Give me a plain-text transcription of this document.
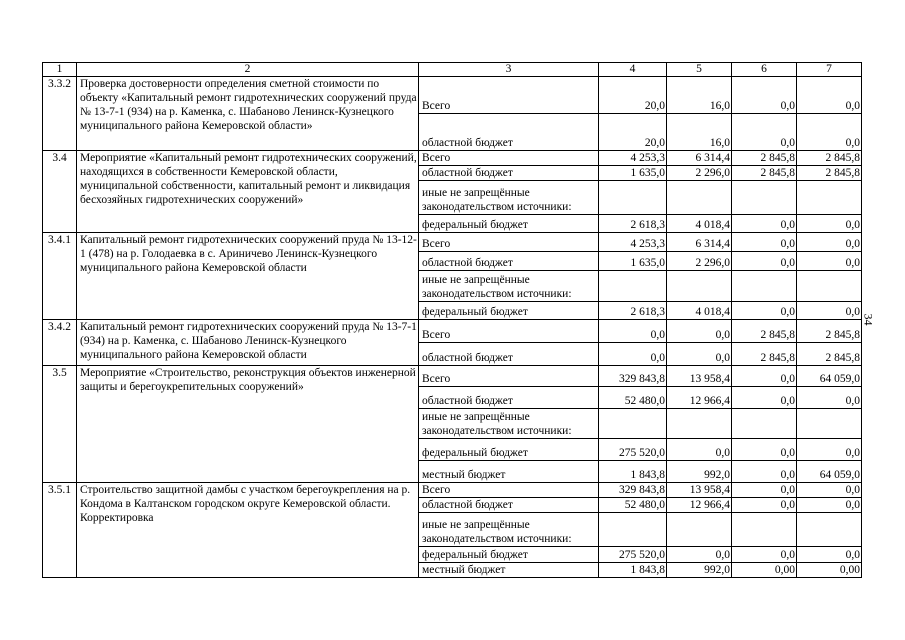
1	2	3	4	5	6	7
3.3.2	Проверка достоверности определения сметной стоимости по объекту «Капитальный ремонт гидротехнических сооружений пруда № 13-7-1 (934) на р. Каменка, с. Шабаново Ленинск-Кузнецкого муниципального района Кемеровской области»	Всего	20,0	16,0	0,0	0,0
		областной бюджет	20,0	16,0	0,0	0,0
3.4	Мероприятие «Капитальный ремонт гидротехнических сооружений, находящихся в собственности Кемеровской области, муниципальной собственности, капитальный ремонт и ликвидация бесхозяйных гидротехнических сооружений»	Всего	4 253,3	6 314,4	2 845,8	2 845,8
		областной бюджет	1 635,0	2 296,0	2 845,8	2 845,8
		иные не запрещённые законодательством источники:				
		федеральный бюджет	2 618,3	4 018,4	0,0	0,0
3.4.1	Капитальный ремонт гидротехнических сооружений пруда № 13-12-1 (478) на р. Голодаевка в с. Ариничево Ленинск-Кузнецкого муниципального района Кемеровской области	Всего	4 253,3	6 314,4	0,0	0,0
		областной бюджет	1 635,0	2 296,0	0,0	0,0
		иные не запрещённые законодательством источники:				
		федеральный бюджет	2 618,3	4 018,4	0,0	0,0
3.4.2	Капитальный ремонт гидротехнических сооружений пруда № 13-7-1 (934) на р. Каменка, с. Шабаново Ленинск-Кузнецкого муниципального района Кемеровской области	Всего	0,0	0,0	2 845,8	2 845,8
		областной бюджет	0,0	0,0	2 845,8	2 845,8
3.5	Мероприятие «Строительство, реконструкция объектов инженерной защиты и берегоукрепительных сооружений»	Всего	329 843,8	13 958,4	0,0	64 059,0
		областной бюджет	52 480,0	12 966,4	0,0	0,0
		иные не запрещённые законодательством источники:				
		федеральный бюджет	275 520,0	0,0	0,0	0,0
		местный бюджет	1 843,8	992,0	0,0	64 059,0
3.5.1	Строительство защитной дамбы с участком берегоукрепления на р. Кондома в Калтанском городском округе Кемеровской области. Корректировка	Всего	329 843,8	13 958,4	0,0	0,0
		областной бюджет	52 480,0	12 966,4	0,0	0,0
		иные не запрещённые законодательством источники:				
		федеральный бюджет	275 520,0	0,0	0,0	0,0
		местный бюджет	1 843,8	992,0	0,00	0,00
34
